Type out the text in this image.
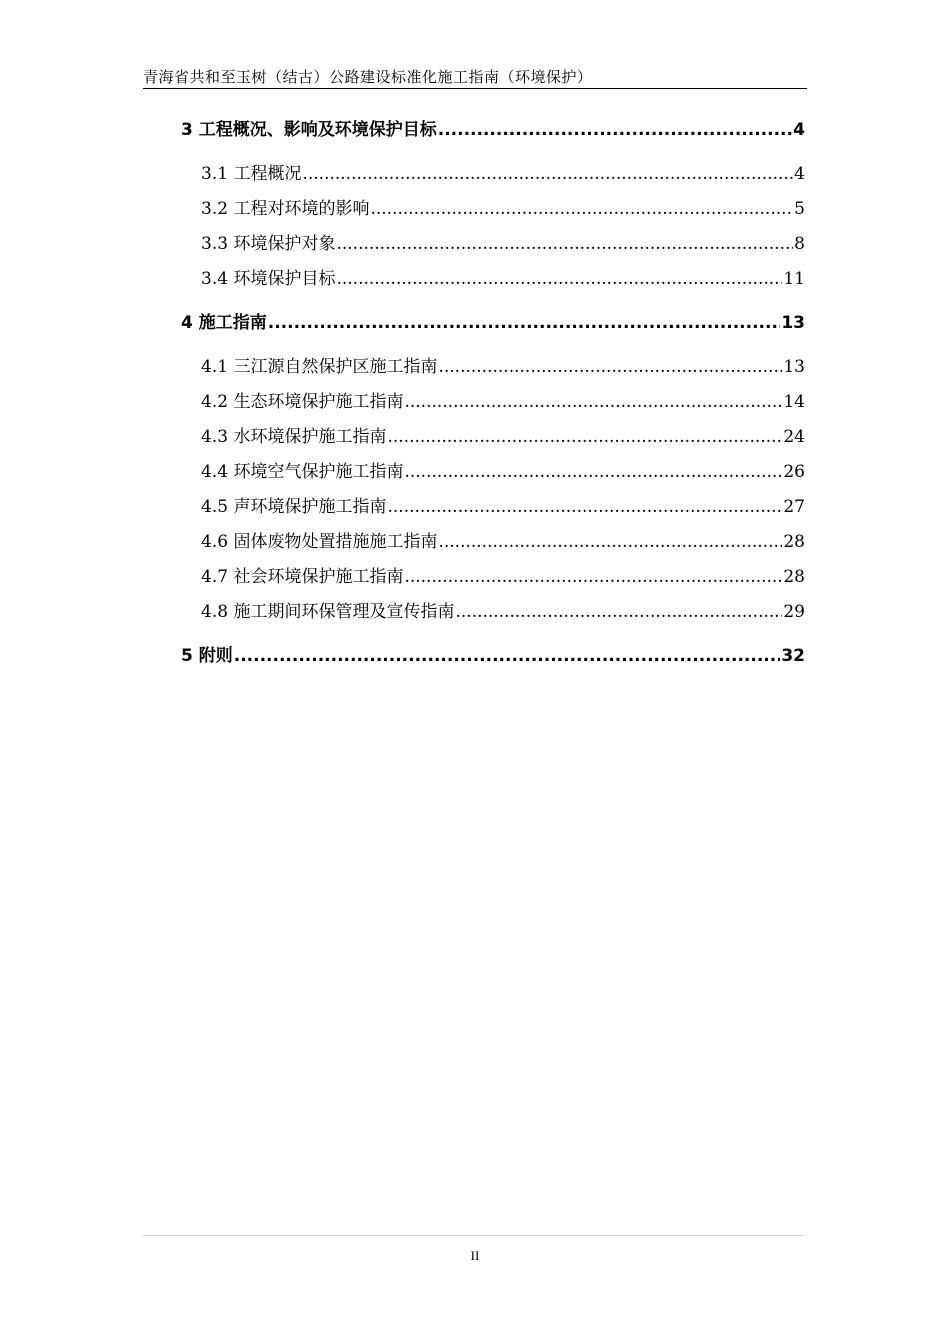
青海省共和至玉树（结古）公路建设标准化施工指南（环境保护）
3 工程概况、影响及环境保护目标 .....	4
3.1 工程概况 .....	4
3.2 工程对环境的影响 .....	5
3.3 环境保护对象 .....	8
3.4 环境保护目标 .....	11
4 施工指南 .....	13
4.1 三江源自然保护区施工指南 .....	13
4.2 生态环境保护施工指南 .....	14
4.3 水环境保护施工指南 .....	24
4.4 环境空气保护施工指南 .....	26
4.5 声环境保护施工指南 .....	27
4.6 固体废物处置措施施工指南 .....	28
4.7 社会环境保护施工指南 .....	28
4.8 施工期间环保管理及宣传指南 .....	29
5 附则 .....	32
II
